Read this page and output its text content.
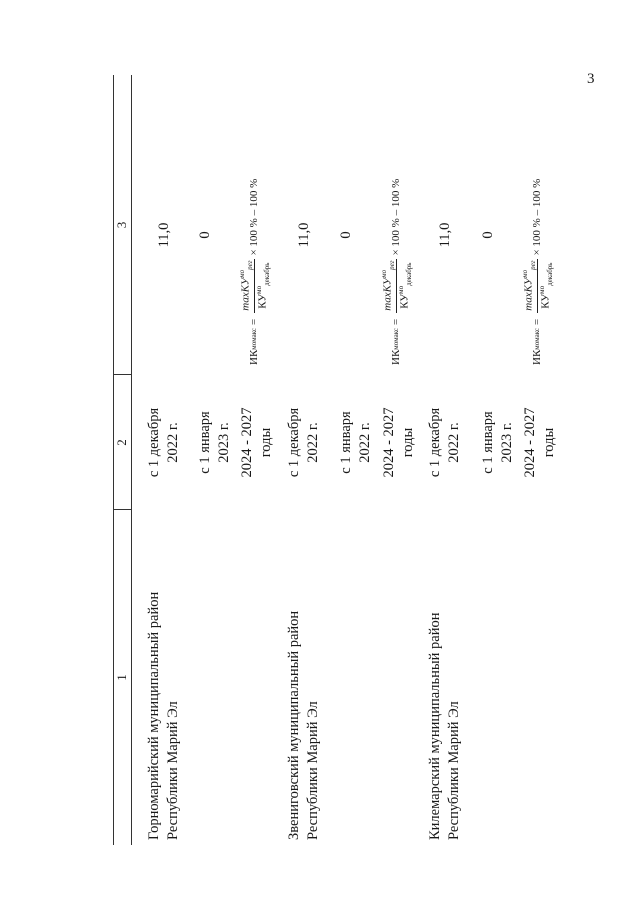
3
1
2
3
Горномарийский муниципальный район Республики Марий Эл
с 1 декабря 2022 г.
11,0
с 1 января 2023 г.
0
2024 - 2027 годы
ИК
мо
макс
=
maxКУ$^{мо}_{рег}$
$КУ^{мо}_{декабрь}$
× 100 % – 100 %
Звениговский муниципальный район Республики Марий Эл
с 1 декабря 2022 г.
11,0
с 1 января 2022 г.
0
2024 - 2027 годы
ИК
мо
макс
=
maxКУ$^{мо}_{рег}$
$КУ^{мо}_{декабрь}$
× 100 % – 100 %
Килемарский муниципальный район Республики Марий Эл
с 1 декабря 2022 г.
11,0
с 1 января 2023 г.
0
2024 - 2027 годы
ИК
мо
макс
=
maxКУ$^{мо}_{рег}$
$КУ^{мо}_{декабрь}$
× 100 % – 100 %
